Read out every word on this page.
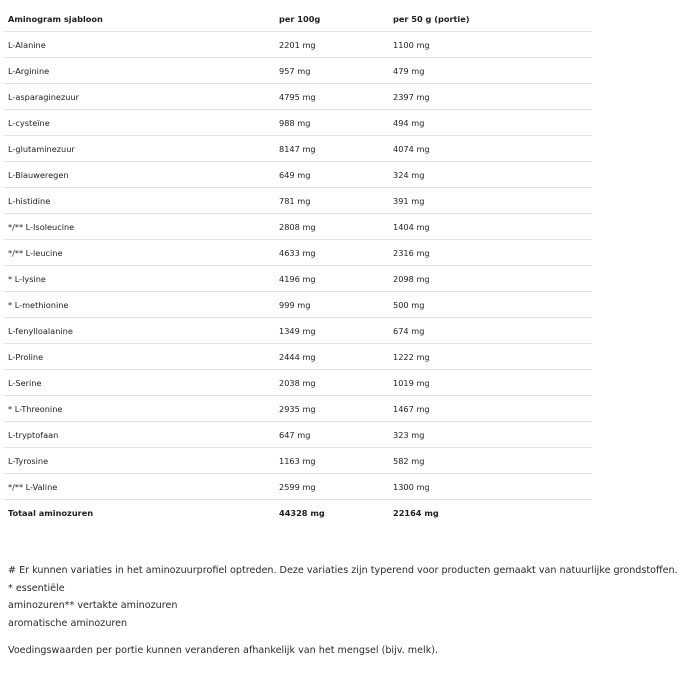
Aminogram sjabloon	per 100g	per 50 g (portie)
L-Alanine	2201 mg	1100 mg
L-Arginine	957 mg	479 mg
L-asparaginezuur	4795 mg	2397 mg
L-cysteïne	988 mg	494 mg
L-glutaminezuur	8147 mg	4074 mg
L-Blauweregen	649 mg	324 mg
L-histidine	781 mg	391 mg
*/** L-Isoleucine	2808 mg	1404 mg
*/** L-leucine	4633 mg	2316 mg
* L-lysine	4196 mg	2098 mg
* L-methionine	999 mg	500 mg
L-fenylloalanine	1349 mg	674 mg
L-Proline	2444 mg	1222 mg
L-Serine	2038 mg	1019 mg
* L-Threonine	2935 mg	1467 mg
L-tryptofaan	647 mg	323 mg
L-Tyrosine	1163 mg	582 mg
*/** L-Valine	2599 mg	1300 mg
Totaal aminozuren	44328 mg	22164 mg

# Er kunnen variaties in het aminozuurprofiel optreden. Deze variaties zijn typerend voor producten gemaakt van natuurlijke grondstoffen.

* essentiële

aminozuren** vertakte aminozuren

aromatische aminozuren

Voedingswaarden per portie kunnen veranderen afhankelijk van het mengsel (bijv. melk).
